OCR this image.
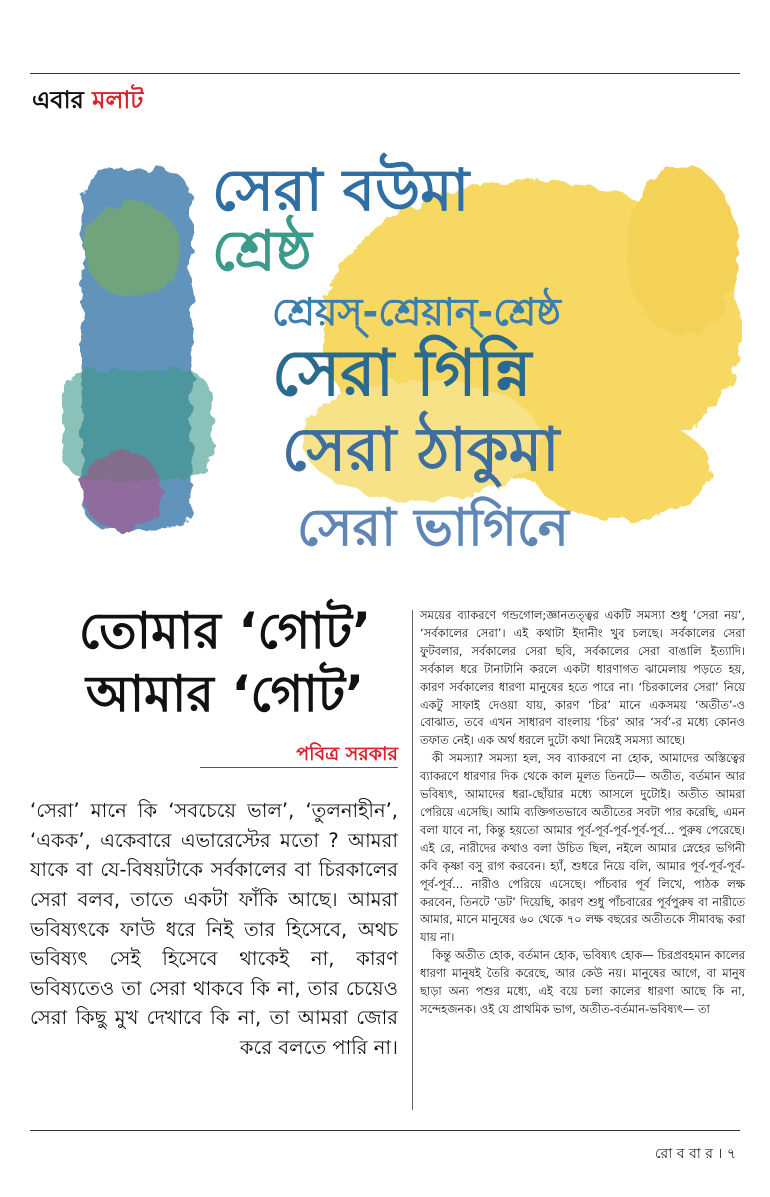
এবার মলাট
সেরা বউমা
শ্রেষ্ঠ
শ্রেয়স্-শ্রেয়ান্-শ্রেষ্ঠ
সেরা গিন্নি
সেরা ঠাকুমা
সেরা ভাগিনে
তোমার ‘গোট’
আমার ‘গোট’
পবিত্র সরকার
‘সেরা’ মানে কি ‘সবচেয়ে ভাল’, ‘তুলনাহীন’, ‘একক’, একেবারে এভারেস্টের মতো ? আমরা যাকে বা যে-বিষয়টাকে সর্বকালের বা চিরকালের সেরা বলব, তাতে একটা ফাঁকি আছে। আমরা ভবিষ্যৎকে ফাউ ধরে নিই তার হিসেবে, অথচ ভবিষ্যৎ সেই হিসেবে থাকেই না, কারণ ভবিষ্যতেও তা সেরা থাকবে কি না, তার চেয়েও সেরা কিছু মুখ দেখাবে কি না, তা আমরা জোর করে বলতে পারি না।

সময়ের ব্যাকরণে গন্ডগোল;জ্ঞানতত্ত্বর একটি সমস্যা শুধু ‘সেরা নয়’, ‘সর্বকালের সেরা’। এই কথাটা ইদানীং খুব চলছে। সর্বকালের সেরা ফুটবলার, সর্বকালের সেরা ছবি, সর্বকালের সেরা বাঙালি ইত্যাদি। সর্বকাল ধরে টানাটানি করলে একটা ধারণাগত ঝামেলায় পড়তে হয়, কারণ সর্বকালের ধারণা মানুষের হতে পারে না। ‘চিরকালের সেরা’ নিয়ে একটু সাফাই দেওয়া যায়, কারণ ‘চির’ মানে একসময় ‘অতীত’-ও বোঝাত, তবে এখন সাধারণ বাংলায় ‘চির’ আর ‘সর্ব’-র মধ্যে কোনও তফাত নেই। এক অর্থ ধরলে দুটো কথা নিয়েই সমস্যা আছে।

কী সমস্যা? সমস্যা হল, সব ব্যাকরণে না হোক, আমাদের অস্তিত্বের ব্যাকরণে ধারণার দিক থেকে কাল মূলত তিনটে— অতীত, বর্তমান আর ভবিষ্যৎ, আমাদের ধরা-ছোঁয়ার মধ্যে আসলে দুটোই। অতীত আমরা পেরিয়ে এসেছি। আমি ব্যক্তিগতভাবে অতীতের সবটা পার করেছি, এমন বলা যাবে না, কিন্তু হয়তো আমার পূর্ব-পূর্ব-পূর্ব-পূর্ব-পূর্ব... পুরুষ পেরেছে। এই রে, নারীদের কথাও বলা উচিত ছিল, নইলে আমার স্নেহের ভগিনী কবি কৃষ্ণা বসু রাগ করবেন। হ্যাঁ, শুধরে নিয়ে বলি, আমার পূর্ব-পূর্ব-পূর্ব-পূর্ব-পূর্ব... নারীও পেরিয়ে এসেছে। পাঁচবার পূর্ব লিখে, পাঠক লক্ষ করবেন, তিনটে ‘ডট’ দিয়েছি, কারণ শুধু পাঁচবারের পূর্বপুরুষ বা নারীতে আমার, মানে মানুষের ৬০ থেকে ৭০ লক্ষ বছরের অতীতকে সীমাবদ্ধ করা যায় না।

কিন্তু অতীত হোক, বর্তমান হোক, ভবিষ্যৎ হোক— চিরপ্রবহমান কালের ধারণা মানুষই তৈরি করেছে, আর কেউ নয়। মানুষের আগে, বা মানুষ ছাড়া অন্য পশুর মধ্যে, এই বয়ে চলা কালের ধারণা আছে কি না, সন্দেহজনক। ওই যে প্রাথমিক ভাগ, অতীত-বর্তমান-ভবিষ্যৎ— তা

রো ব বা র । ৭
